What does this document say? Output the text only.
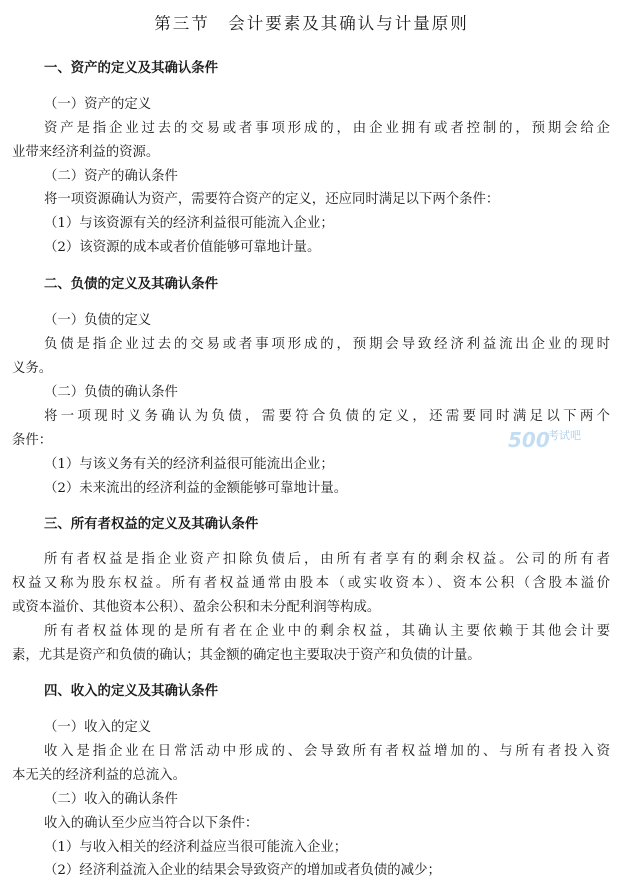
第三节　会计要素及其确认与计量原则
一、资产的定义及其确认条件
（一）资产的定义
资产是指企业过去的交易或者事项形成的，由企业拥有或者控制的，预期会给企
业带来经济利益的资源。
（二）资产的确认条件
将一项资源确认为资产，需要符合资产的定义，还应同时满足以下两个条件：
（1）与该资源有关的经济利益很可能流入企业；
（2）该资源的成本或者价值能够可靠地计量。
二、负债的定义及其确认条件
（一）负债的定义
负债是指企业过去的交易或者事项形成的，预期会导致经济利益流出企业的现时
义务。
（二）负债的确认条件
将一项现时义务确认为负债，需要符合负债的定义，还需要同时满足以下两个
条件：
（1）与该义务有关的经济利益很可能流出企业；
（2）未来流出的经济利益的金额能够可靠地计量。
三、所有者权益的定义及其确认条件
所有者权益是指企业资产扣除负债后，由所有者享有的剩余权益。公司的所有者
权益又称为股东权益。所有者权益通常由股本（或实收资本）、资本公积（含股本溢价
或资本溢价、其他资本公积）、盈余公积和未分配利润等构成。
所有者权益体现的是所有者在企业中的剩余权益，其确认主要依赖于其他会计要
素，尤其是资产和负债的确认；其金额的确定也主要取决于资产和负债的计量。
四、收入的定义及其确认条件
（一）收入的定义
收入是指企业在日常活动中形成的、会导致所有者权益增加的、与所有者投入资
本无关的经济利益的总流入。
（二）收入的确认条件
收入的确认至少应当符合以下条件：
（1）与收入相关的经济利益应当很可能流入企业；
（2）经济利益流入企业的结果会导致资产的增加或者负债的减少；
500
考试吧
